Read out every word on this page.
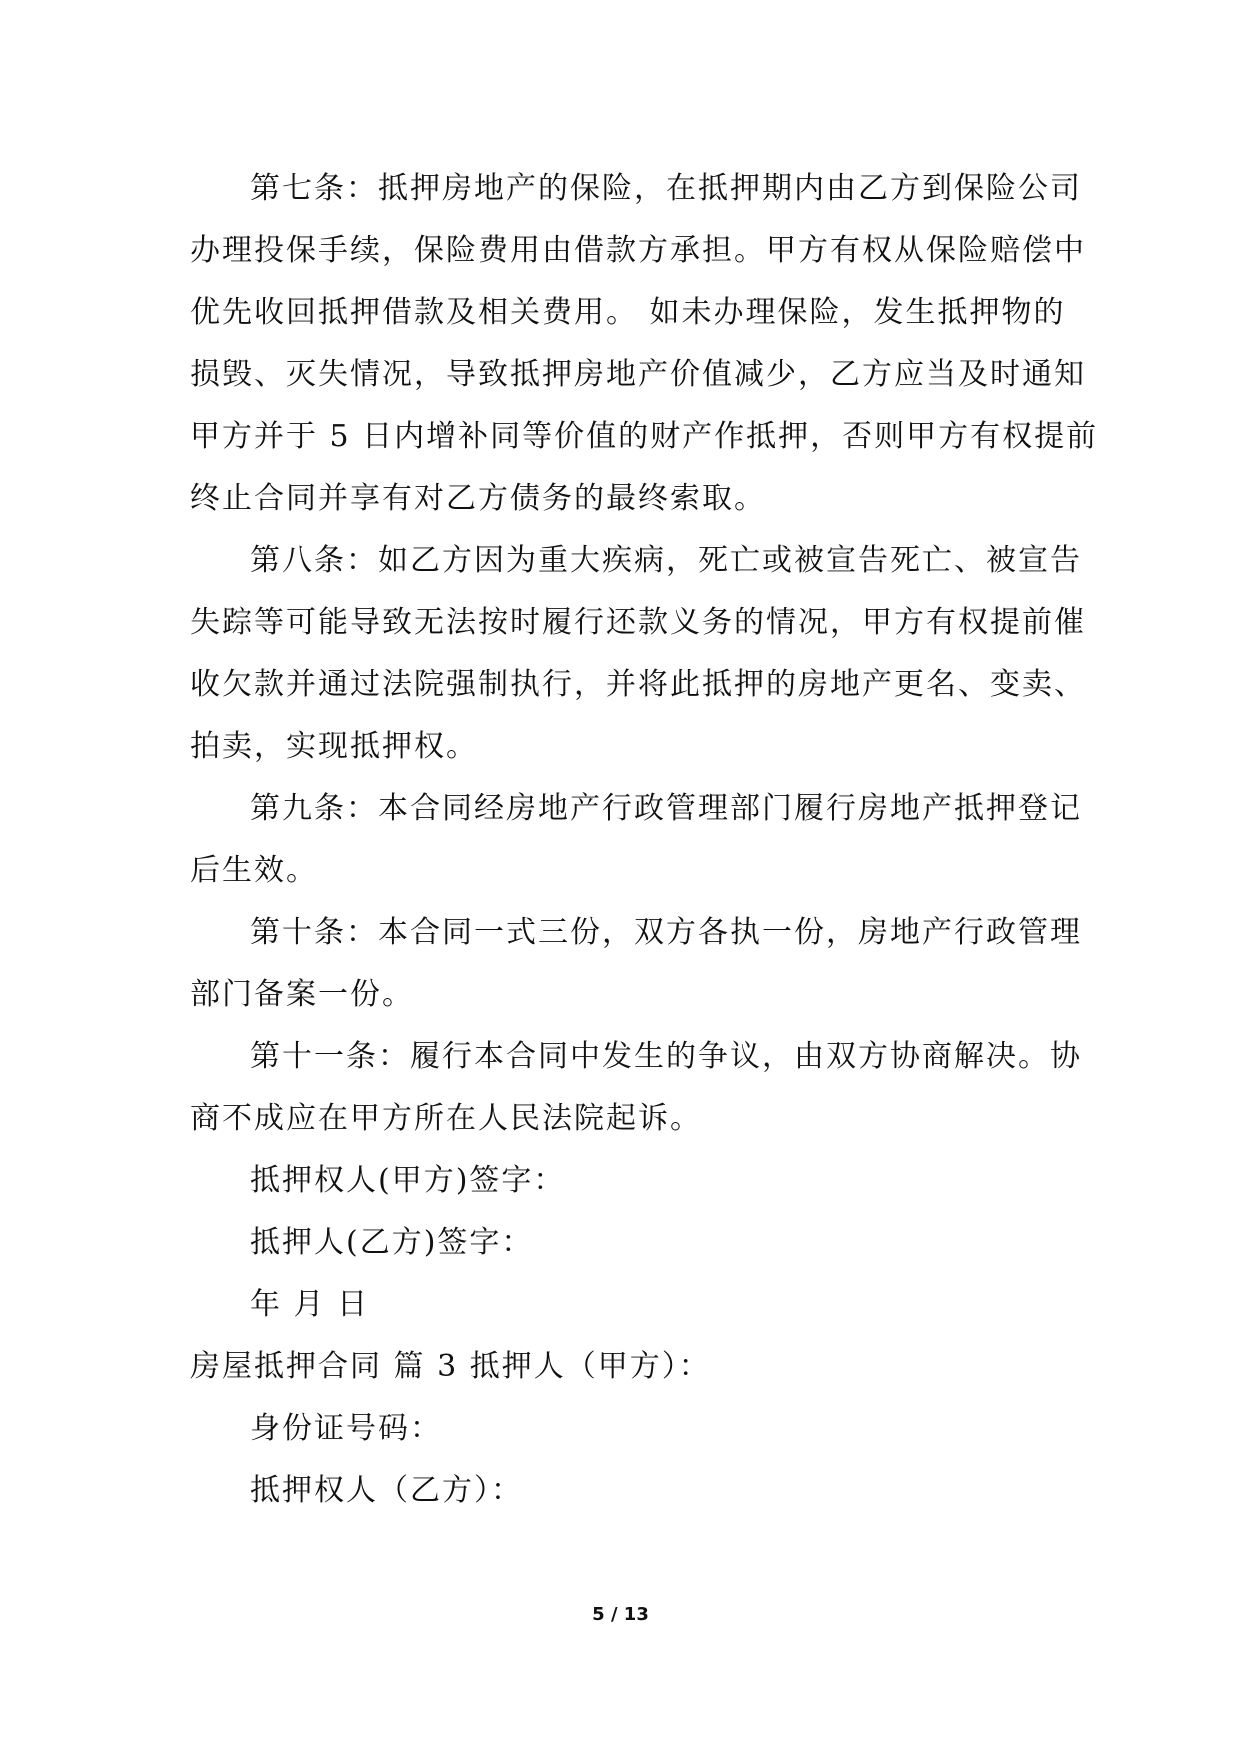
第七条：抵押房地产的保险，在抵押期内由乙方到保险公司
办理投保手续，保险费用由借款方承担。甲方有权从保险赔偿中
优先收回抵押借款及相关费用。 如未办理保险，发生抵押物的
损毁、灭失情况，导致抵押房地产价值减少，乙方应当及时通知
甲方并于 5 日内增补同等价值的财产作抵押，否则甲方有权提前
终止合同并享有对乙方债务的最终索取。
第八条：如乙方因为重大疾病，死亡或被宣告死亡、被宣告
失踪等可能导致无法按时履行还款义务的情况，甲方有权提前催
收欠款并通过法院强制执行，并将此抵押的房地产更名、变卖、
拍卖，实现抵押权。
第九条：本合同经房地产行政管理部门履行房地产抵押登记
后生效。
第十条：本合同一式三份，双方各执一份，房地产行政管理
部门备案一份。
第十一条：履行本合同中发生的争议，由双方协商解决。协
商不成应在甲方所在人民法院起诉。
抵押权人(甲方)签字：
抵押人(乙方)签字：
年 月 日
房屋抵押合同 篇 3 抵押人（甲方）：
身份证号码：
抵押权人（乙方）：
5 / 13
